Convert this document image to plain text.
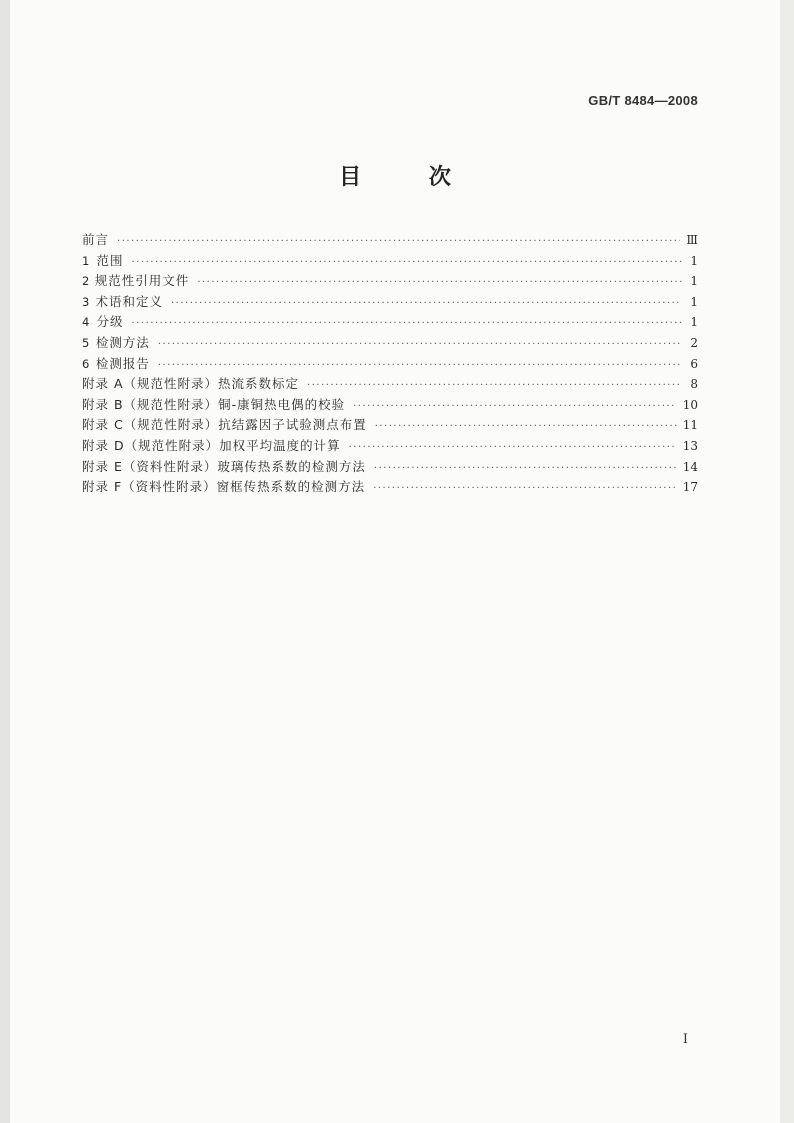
GB/T 8484—2008
目 次
前言 ·····	Ⅲ
1 范围 ·····	1
2 规范性引用文件 ·····	1
3 术语和定义 ·····	1
4 分级 ·····	1
5 检测方法 ·····	2
6 检测报告 ·····	6
附录 A（规范性附录） 热流系数标定 ·····	8
附录 B（规范性附录） 铜-康铜热电偶的校验 ·····	10
附录 C（规范性附录） 抗结露因子试验测点布置 ·····	11
附录 D（规范性附录） 加权平均温度的计算 ·····	13
附录 E（资料性附录） 玻璃传热系数的检测方法 ·····	14
附录 F（资料性附录） 窗框传热系数的检测方法 ·····	17
I
